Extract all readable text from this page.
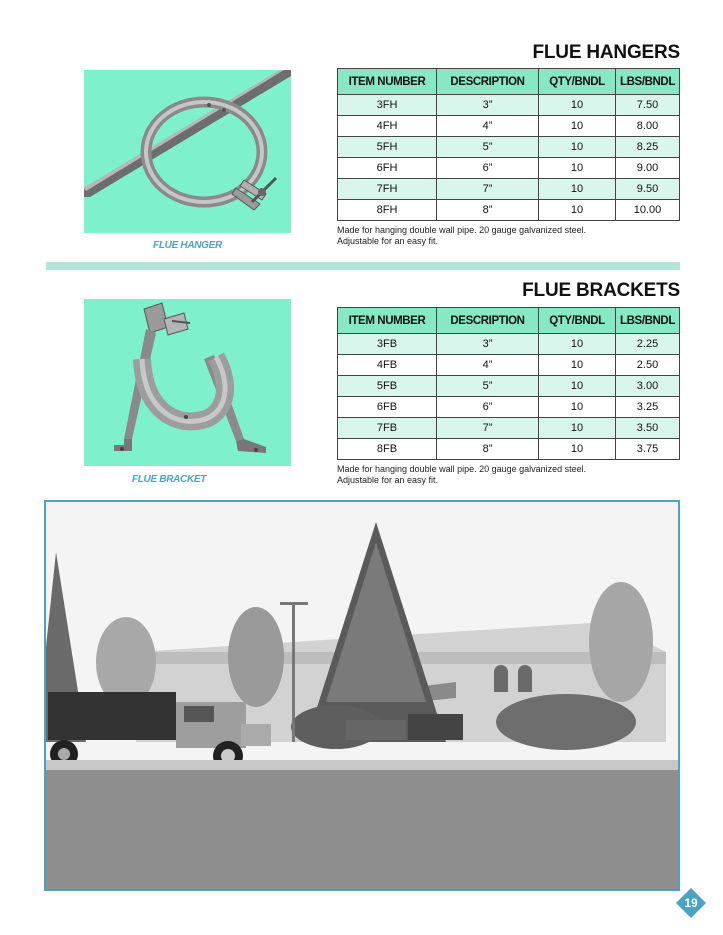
FLUE HANGERS
FLUE HANGER
ITEM NUMBER	DESCRIPTION	QTY/BNDL	LBS/BNDL
3FH	3”	10	7.50
4FH	4”	10	8.00
5FH	5”	10	8.25
6FH	6”	10	9.00
7FH	7”	10	9.50
8FH	8”	10	10.00
Made for hanging double wall pipe. 20 gauge galvanized steel.
Adjustable for an easy fit.
FLUE BRACKETS
FLUE BRACKET
ITEM NUMBER	DESCRIPTION	QTY/BNDL	LBS/BNDL
3FB	3”	10	2.25
4FB	4”	10	2.50
5FB	5”	10	3.00
6FB	6”	10	3.25
7FB	7”	10	3.50
8FB	8”	10	3.75
Made for hanging double wall pipe. 20 gauge galvanized steel.
Adjustable for an easy fit.
19
